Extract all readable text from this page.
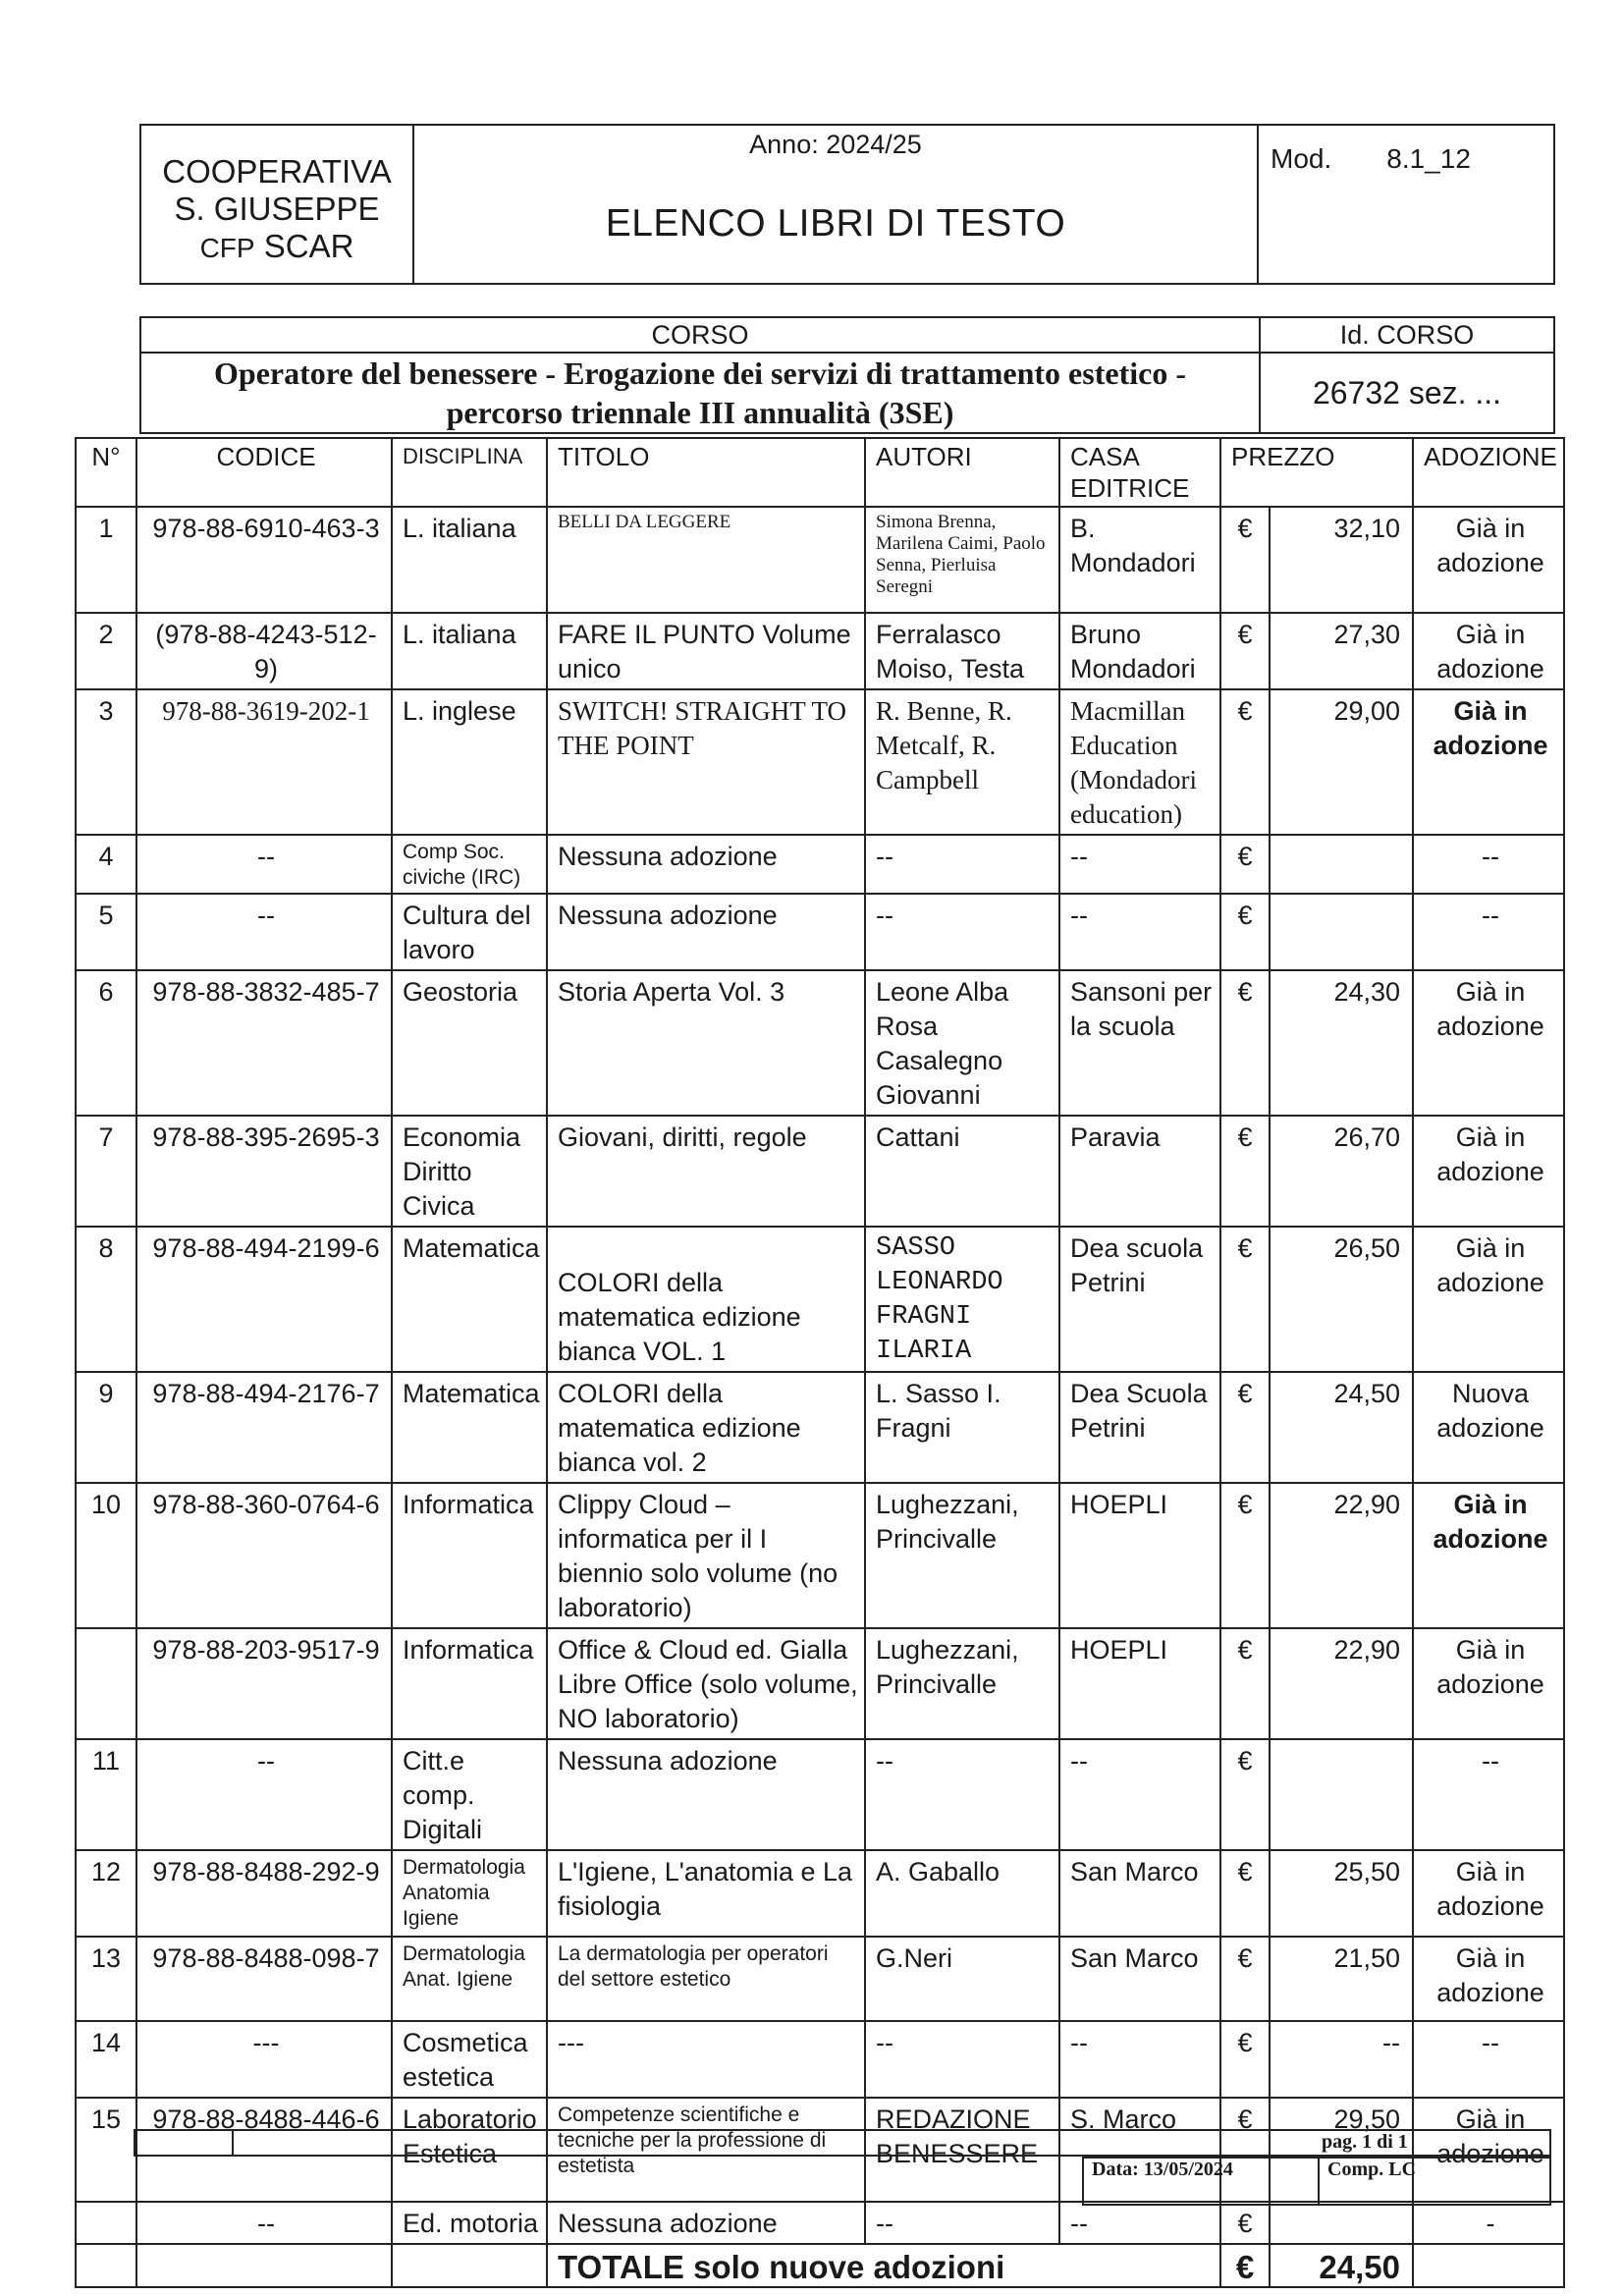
COOPERATIVA
S. GIUSEPPE
CFP SCAR

Anno: 2024/25
ELENCO LIBRI DI TESTO
	Mod. 8.1_12
CORSO	Id. CORSO

Operatore del benessere - Erogazione dei servizi di trattamento estetico -
percorso triennale III annualità (3SE)	26732 sez. ...
N°	CODICE	DISCIPLINA	TITOLO	AUTORI	CASA EDITRICE	PREZZO		ADOZIONE
1	978-88-6910-463-3	L. italiana	BELLI DA LEGGERE	Simona Brenna, Marilena Caimi, Paolo Senna, Pierluisa Seregni	B. Mondadori	€	32,10	Già in adozione
2	(978-88-4243-512-9)	L. italiana	FARE IL PUNTO Volume unico	Ferralasco Moiso, Testa	Bruno Mondadori	€	27,30	Già in adozione
3	978-88-3619-202-1	L. inglese	SWITCH! STRAIGHT TO THE POINT	R. Benne, R. Metcalf, R. Campbell	Macmillan Education (Mondadori education)	€	29,00	Già in adozione
4	--	Comp Soc. civiche (IRC)	Nessuna adozione	--	--	€		--
5	--	Cultura del lavoro	Nessuna adozione	--	--	€		--
6	978-88-3832-485-7	Geostoria	Storia Aperta Vol. 3	Leone Alba Rosa Casalegno Giovanni	Sansoni per la scuola	€	24,30	Già in adozione
7	978-88-395-2695-3	Economia Diritto Civica	Giovani, diritti, regole	Cattani	Paravia	€	26,70	Già in adozione
8	978-88-494-2199-6	Matematica	COLORI della matematica edizione bianca VOL. 1	SASSO LEONARDO FRAGNI ILARIA	Dea scuola Petrini	€	26,50	Già in adozione
9	978-88-494-2176-7	Matematica	COLORI della matematica edizione bianca vol. 2	L. Sasso I. Fragni	Dea Scuola Petrini	€	24,50	Nuova adozione
10	978-88-360-0764-6	Informatica	Clippy Cloud – informatica per il I biennio solo volume (no laboratorio)	Lughezzani, Princivalle	HOEPLI	€	22,90	Già in adozione
	978-88-203-9517-9	Informatica	Office & Cloud ed. Gialla Libre Office (solo volume, NO laboratorio)	Lughezzani, Princivalle	HOEPLI	€	22,90	Già in adozione
11	--	Citt.e comp. Digitali	Nessuna adozione	--	--	€		--
12	978-88-8488-292-9	Dermatologia Anatomia Igiene	L'Igiene, L'anatomia e La fisiologia	A. Gaballo	San Marco	€	25,50	Già in adozione
13	978-88-8488-098-7	Dermatologia Anat. Igiene	La dermatologia per operatori del settore estetico	G.Neri	San Marco	€	21,50	Già in adozione
14	---	Cosmetica estetica	---	--	--	€	--	--
15	978-88-8488-446-6	Laboratorio Estetica	Competenze scientifiche e tecniche per la professione di estetista	REDAZIONE BENESSERE	S. Marco	€	29,50	Già in adozione
	--	Ed. motoria	Nessuna adozione	--	--	€		-
			TOTALE solo nuove adozioni			€	24,50	

pag. 1 di 1
Data: 13/05/2024	Comp. LC
